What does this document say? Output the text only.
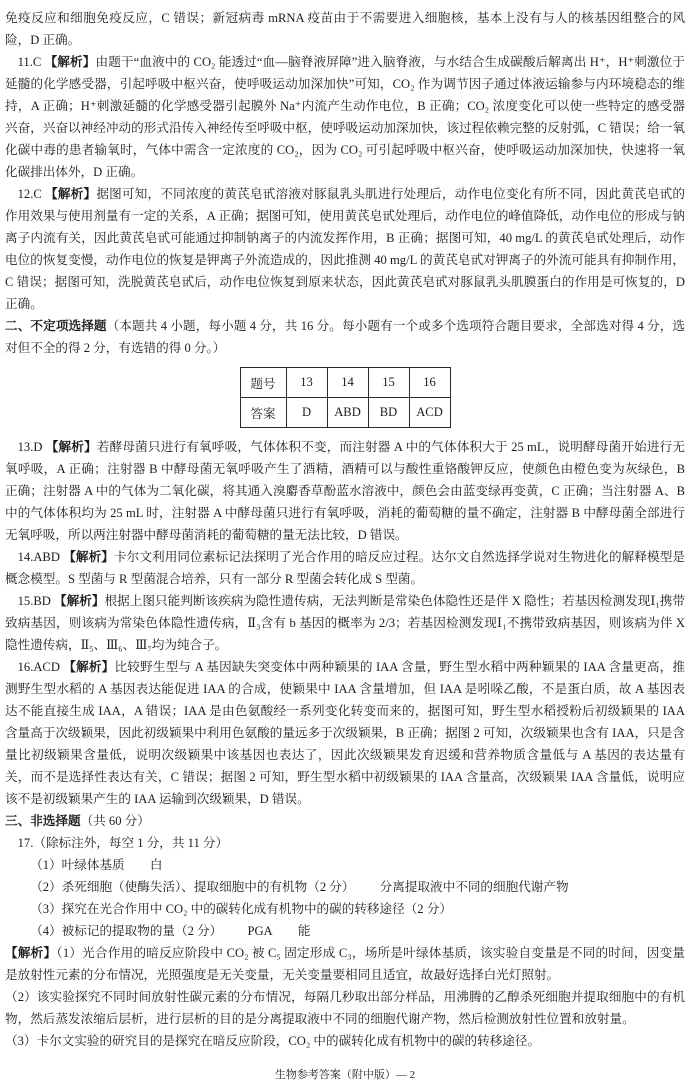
免疫反应和细胞免疫反应，C 错误；新冠病毒 mRNA 疫苗由于不需要进入细胞核，基本上没有与人的核基因组整合的风险，D 正确。

11.C 【解析】由题干“血液中的 CO₂ 能透过“血—脑脊液屏障”进入脑脊液，与水结合生成碳酸后解离出 H⁺，H⁺刺激位于延髓的化学感受器，引起呼吸中枢兴奋，使呼吸运动加深加快”可知，CO₂ 作为调节因子通过体液运输参与内环境稳态的维持，A 正确；H⁺刺激延髓的化学感受器引起膜外 Na⁺内流产生动作电位，B 正确；CO₂ 浓度变化可以使一些特定的感受器兴奋，兴奋以神经冲动的形式沿传入神经传至呼吸中枢，使呼吸运动加深加快，该过程依赖完整的反射弧，C 错误；给一氧化碳中毒的患者输氧时，气体中需含一定浓度的 CO₂，因为 CO₂ 可引起呼吸中枢兴奋，使呼吸运动加深加快，快速将一氧化碳排出体外，D 正确。

12.C 【解析】据图可知，不同浓度的黄芪皂甙溶液对豚鼠乳头肌进行处理后，动作电位变化有所不同，因此黄芪皂甙的作用效果与使用剂量有一定的关系，A 正确；据图可知，使用黄芪皂甙处理后，动作电位的峰值降低，动作电位的形成与钠离子内流有关，因此黄芪皂甙可能通过抑制钠离子的内流发挥作用，B 正确；据图可知，40 mg/L 的黄芪皂甙处理后，动作电位的恢复变慢，动作电位的恢复是钾离子外流造成的，因此推测 40 mg/L 的黄芪皂甙对钾离子的外流可能具有抑制作用，C 错误；据图可知，洗脱黄芪皂甙后，动作电位恢复到原来状态，因此黄芪皂甙对豚鼠乳头肌膜蛋白的作用是可恢复的，D 正确。

二、不定项选择题（本题共 4 小题，每小题 4 分，共 16 分。每小题有一个或多个选项符合题目要求，全部选对得 4 分，选对但不全的得 2 分，有选错的得 0 分。）

题号	13	14	15	16
答案	D	ABD	BD	ACD

13.D 【解析】若酵母菌只进行有氧呼吸，气体体积不变，而注射器 A 中的气体体积大于 25 mL，说明酵母菌开始进行无氧呼吸，A 正确；注射器 B 中酵母菌无氧呼吸产生了酒精，酒精可以与酸性重铬酸钾反应，使颜色由橙色变为灰绿色，B 正确；注射器 A 中的气体为二氧化碳，将其通入溴麝香草酚蓝水溶液中，颜色会由蓝变绿再变黄，C 正确；当注射器 A、B 中的气体体积均为 25 mL 时，注射器 A 中酵母菌只进行有氧呼吸，消耗的葡萄糖的量不确定，注射器 B 中酵母菌全部进行无氧呼吸，所以两注射器中酵母菌消耗的葡萄糖的量无法比较，D 错误。

14.ABD 【解析】卡尔文利用同位素标记法探明了光合作用的暗反应过程。达尔文自然选择学说对生物进化的解释模型是概念模型。S 型菌与 R 型菌混合培养，只有一部分 R 型菌会转化成 S 型菌。

15.BD 【解析】根据上图只能判断该疾病为隐性遗传病，无法判断是常染色体隐性还是伴 X 隐性；若基因检测发现Ⅰ₁携带致病基因，则该病为常染色体隐性遗传病，Ⅱ₃含有 b 基因的概率为 2/3；若基因检测发现Ⅰ₁不携带致病基因，则该病为伴 X 隐性遗传病，Ⅱ₅、Ⅲ₆、Ⅲ₇均为纯合子。

16.ACD 【解析】比较野生型与 A 基因缺失突变体中两种颖果的 IAA 含量，野生型水稻中两种颖果的 IAA 含量更高，推测野生型水稻的 A 基因表达能促进 IAA 的合成，使颖果中 IAA 含量增加，但 IAA 是吲哚乙酸，不是蛋白质，故 A 基因表达不能直接生成 IAA，A 错误；IAA 是由色氨酸经一系列变化转变而来的，据图可知，野生型水稻授粉后初级颖果的 IAA 含量高于次级颖果，因此初级颖果中利用色氨酸的量远多于次级颖果，B 正确；据图 2 可知，次级颖果也含有 IAA，只是含量比初级颖果含量低，说明次级颖果中该基因也表达了，因此次级颖果发育迟缓和营养物质含量低与 A 基因的表达量有关，而不是选择性表达有关，C 错误；据图 2 可知，野生型水稻中初级颖果的 IAA 含量高，次级颖果 IAA 含量低，说明应该不是初级颖果产生的 IAA 运输到次级颖果，D 错误。

三、非选择题（共 60 分）

17.（除标注外，每空 1 分，共 11 分）

（1）叶绿体基质 白

（2）杀死细胞（使酶失活）、提取细胞中的有机物（2 分） 分离提取液中不同的细胞代谢产物

（3）探究在光合作用中 CO₂ 中的碳转化成有机物中的碳的转移途径（2 分）

（4）被标记的提取物的量（2 分） PGA 能

【解析】（1）光合作用的暗反应阶段中 CO₂ 被 C₅ 固定形成 C₃，场所是叶绿体基质，该实验自变量是不同的时间，因变量是放射性元素的分布情况，光照强度是无关变量，无关变量要相同且适宜，故最好选择白光灯照射。

（2）该实验探究不同时间放射性碳元素的分布情况，每隔几秒取出部分样品，用沸腾的乙醇杀死细胞并提取细胞中的有机物，然后蒸发浓缩后层析，进行层析的目的是分离提取液中不同的细胞代谢产物，然后检测放射性位置和放射量。

（3）卡尔文实验的研究目的是探究在暗反应阶段，CO₂ 中的碳转化成有机物中的碳的转移途径。

生物参考答案（附中版）— 2
